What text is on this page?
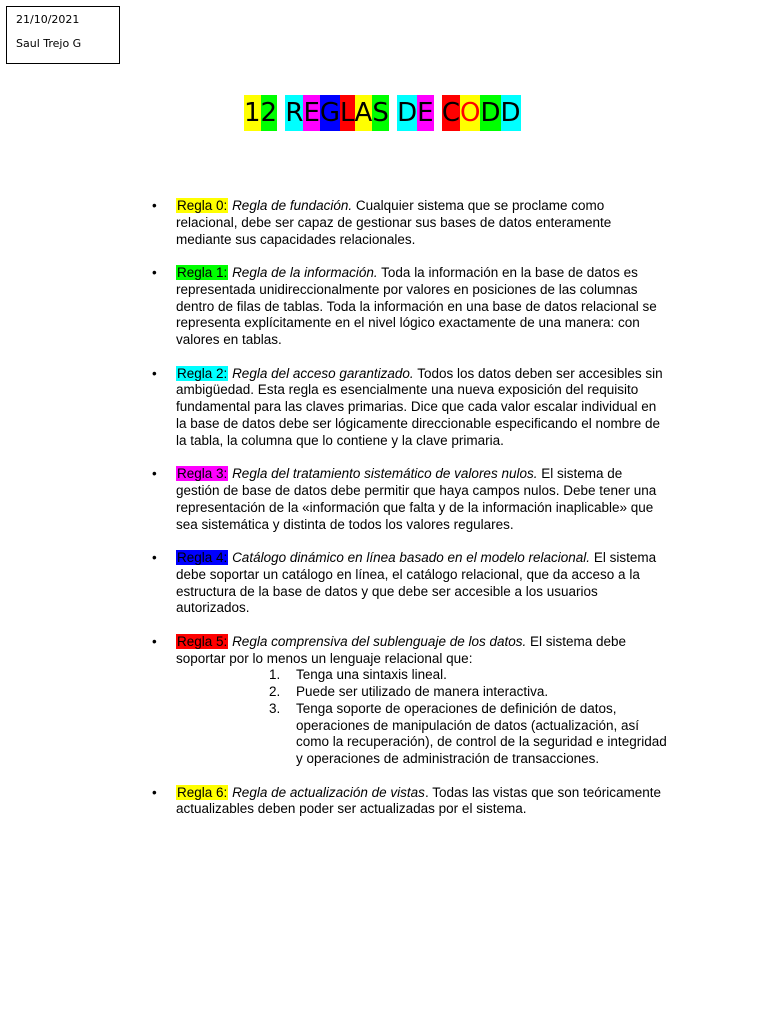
21/10/2021
Saul Trejo G
1 2
R E G L A S
D E
C O D D
• Regla 0: Regla de fundación. Cualquier sistema que se proclame como relacional, debe ser capaz de gestionar sus bases de datos enteramente mediante sus capacidades relacionales.
• Regla 1: Regla de la información. Toda la información en la base de datos es representada unidireccionalmente por valores en posiciones de las columnas dentro de filas de tablas. Toda la información en una base de datos relacional se representa explícitamente en el nivel lógico exactamente de una manera: con valores en tablas.
• Regla 2: Regla del acceso garantizado. Todos los datos deben ser accesibles sin ambigüedad. Esta regla es esencialmente una nueva exposición del requisito fundamental para las claves primarias. Dice que cada valor escalar individual en la base de datos debe ser lógicamente direccionable especificando el nombre de la tabla, la columna que lo contiene y la clave primaria.
• Regla 3: Regla del tratamiento sistemático de valores nulos. El sistema de gestión de base de datos debe permitir que haya campos nulos. Debe tener una representación de la «información que falta y de la información inaplicable» que sea sistemática y distinta de todos los valores regulares.
• Regla 4: Catálogo dinámico en línea basado en el modelo relacional. El sistema debe soportar un catálogo en línea, el catálogo relacional, que da acceso a la estructura de la base de datos y que debe ser accesible a los usuarios autorizados.
• Regla 5: Regla comprensiva del sublenguaje de los datos. El sistema debe soportar por lo menos un lenguaje relacional que:
1. Tenga una sintaxis lineal.
2. Puede ser utilizado de manera interactiva.
3. Tenga soporte de operaciones de definición de datos, operaciones de manipulación de datos (actualización, así como la recuperación), de control de la seguridad e integridad y operaciones de administración de transacciones.
• Regla 6: Regla de actualización de vistas. Todas las vistas que son teóricamente actualizables deben poder ser actualizadas por el sistema.
